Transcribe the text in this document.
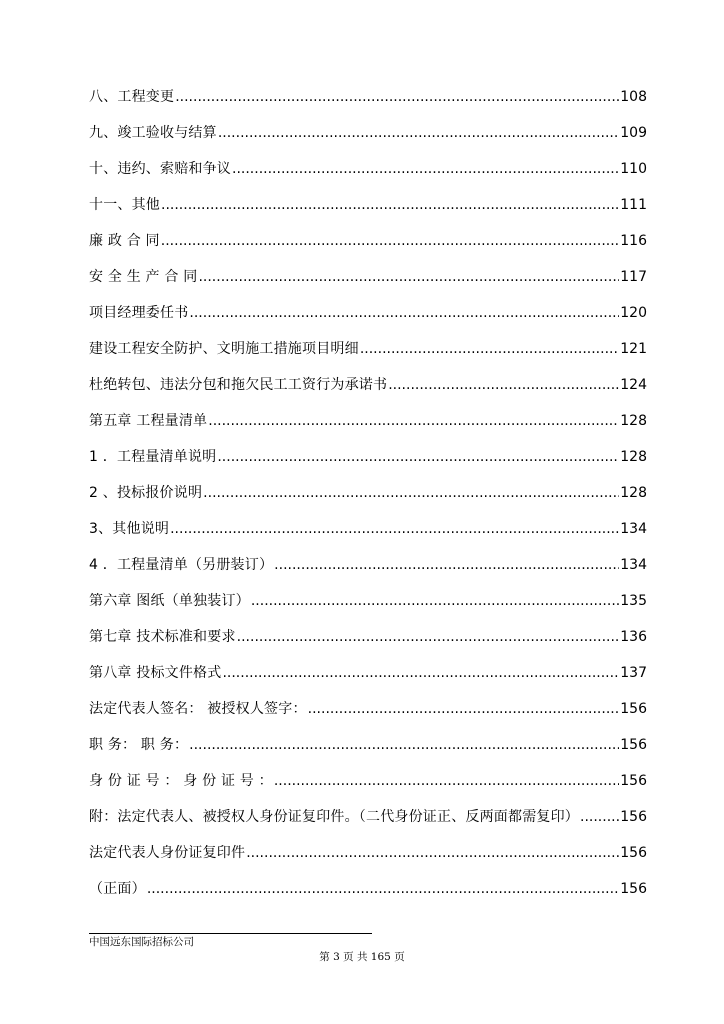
八、工程变更 .....	108
九、竣工验收与结算 .....	109
十、违约、索赔和争议 .....	110
十一、其他 .....	111
廉 政 合 同 .....	116
安 全 生 产 合 同 .....	117
项目经理委任书 .....	120
建设工程安全防护、文明施工措施项目明细 .....	121
杜绝转包、违法分包和拖欠民工工资行为承诺书 .....	124
第五章 工程量清单 .....	128
1 ．工程量清单说明 .....	128
2 、投标报价说明 .....	128
3、其他说明 .....	134
4 ．工程量清单（另册装订） .....	134
第六章 图纸（单独装订） .....	135
第七章 技术标准和要求 .....	136
第八章 投标文件格式 .....	137
法定代表人签名： 被授权人签字： .....	156
职 务： 职 务： .....	156
身 份 证 号 ： 身 份 证 号 ： .....	156
附：法定代表人、被授权人身份证复印件。（二代身份证正、反两面都需复印） .....	156
法定代表人身份证复印件 .....	156
（正面） .....	156
中国远东国际招标公司
第 3 页 共 165 页
